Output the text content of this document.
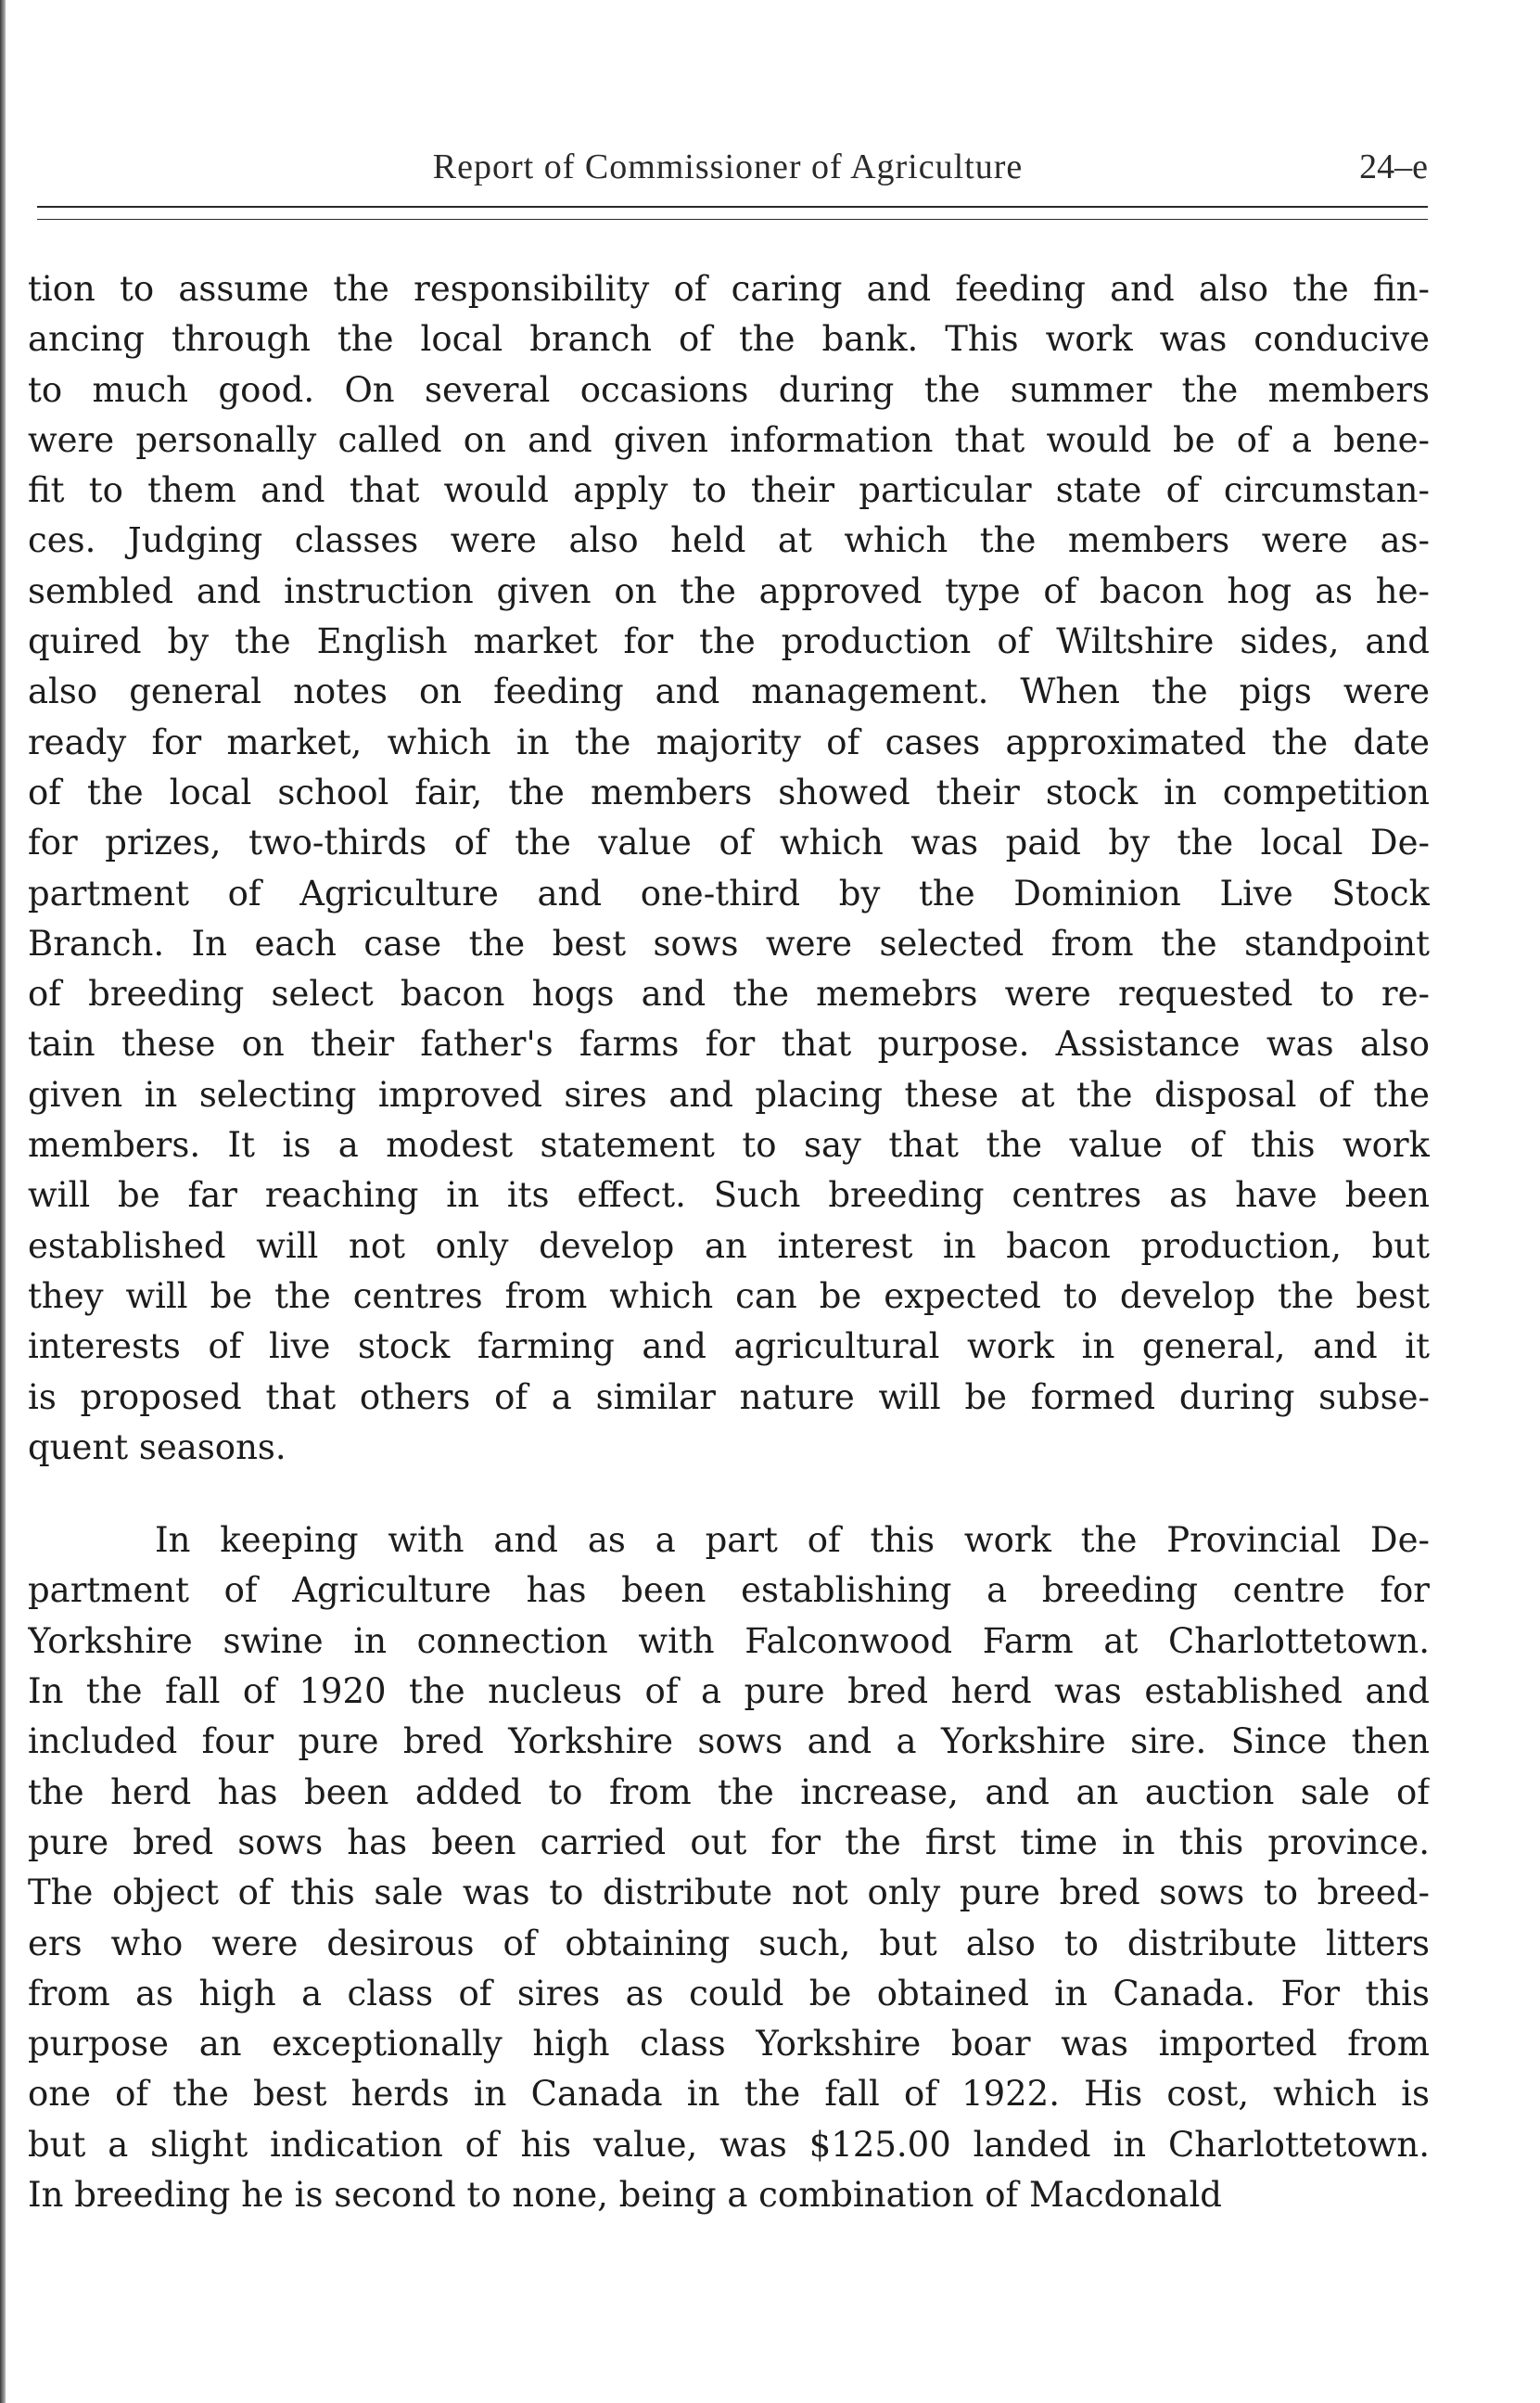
Report of Commissioner of Agriculture	24–e
tion to assume the responsibility of caring and feeding and also the fin-
ancing through the local branch of the bank. This work was conducive
to much good. On several occasions during the summer the members
were personally called on and given information that would be of a bene-
fit to them and that would apply to their particular state of circumstan-
ces. Judging classes were also held at which the members were as-
sembled and instruction given on the approved type of bacon hog as he-
quired by the English market for the production of Wiltshire sides, and
also general notes on feeding and management. When the pigs were
ready for market, which in the majority of cases approximated the date
of the local school fair, the members showed their stock in competition
for prizes, two-thirds of the value of which was paid by the local De-
partment of Agriculture and one-third by the Dominion Live Stock
Branch. In each case the best sows were selected from the standpoint
of breeding select bacon hogs and the memebrs were requested to re-
tain these on their father's farms for that purpose. Assistance was also
given in selecting improved sires and placing these at the disposal of the
members. It is a modest statement to say that the value of this work
will be far reaching in its effect. Such breeding centres as have been
established will not only develop an interest in bacon production, but
they will be the centres from which can be expected to develop the best
interests of live stock farming and agricultural work in general, and it
is proposed that others of a similar nature will be formed during subse-
quent seasons.
In keeping with and as a part of this work the Provincial De-
partment of Agriculture has been establishing a breeding centre for
Yorkshire swine in connection with Falconwood Farm at Charlottetown.
In the fall of 1920 the nucleus of a pure bred herd was established and
included four pure bred Yorkshire sows and a Yorkshire sire. Since then
the herd has been added to from the increase, and an auction sale of
pure bred sows has been carried out for the first time in this province.
The object of this sale was to distribute not only pure bred sows to breed-
ers who were desirous of obtaining such, but also to distribute litters
from as high a class of sires as could be obtained in Canada. For this
purpose an exceptionally high class Yorkshire boar was imported from
one of the best herds in Canada in the fall of 1922. His cost, which is
but a slight indication of his value, was $125.00 landed in Charlottetown.
In breeding he is second to none, being a combination of Macdonald
